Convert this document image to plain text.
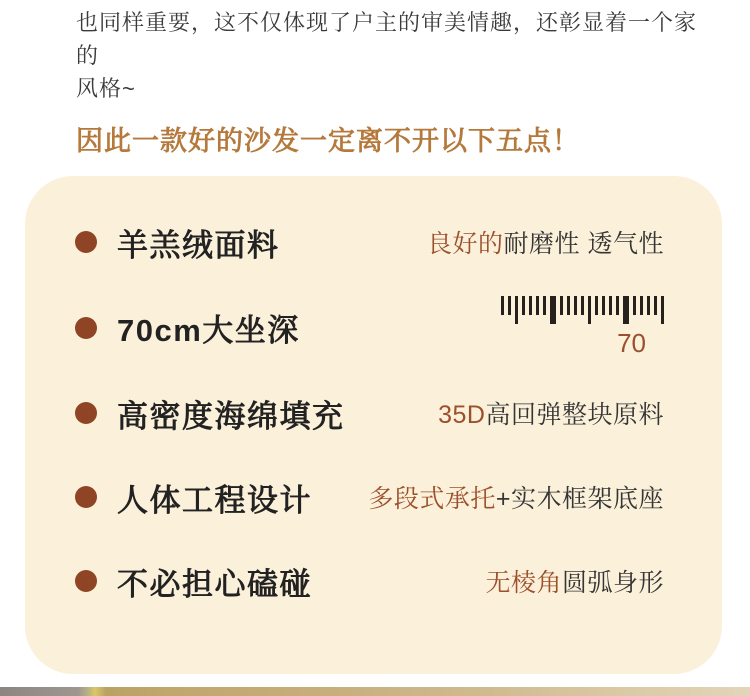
也同样重要，这不仅体现了户主的审美情趣，还彰显着一个家的

风格~

因此一款好的沙发一定离不开以下五点！

羊羔绒面料	良好的耐磨性 透气性
70cm大坐深	70
高密度海绵填充	35D高回弹整块原料
人体工程设计 多段式承托+实木框架底座
不必担心磕碰	无棱角圆弧身形
